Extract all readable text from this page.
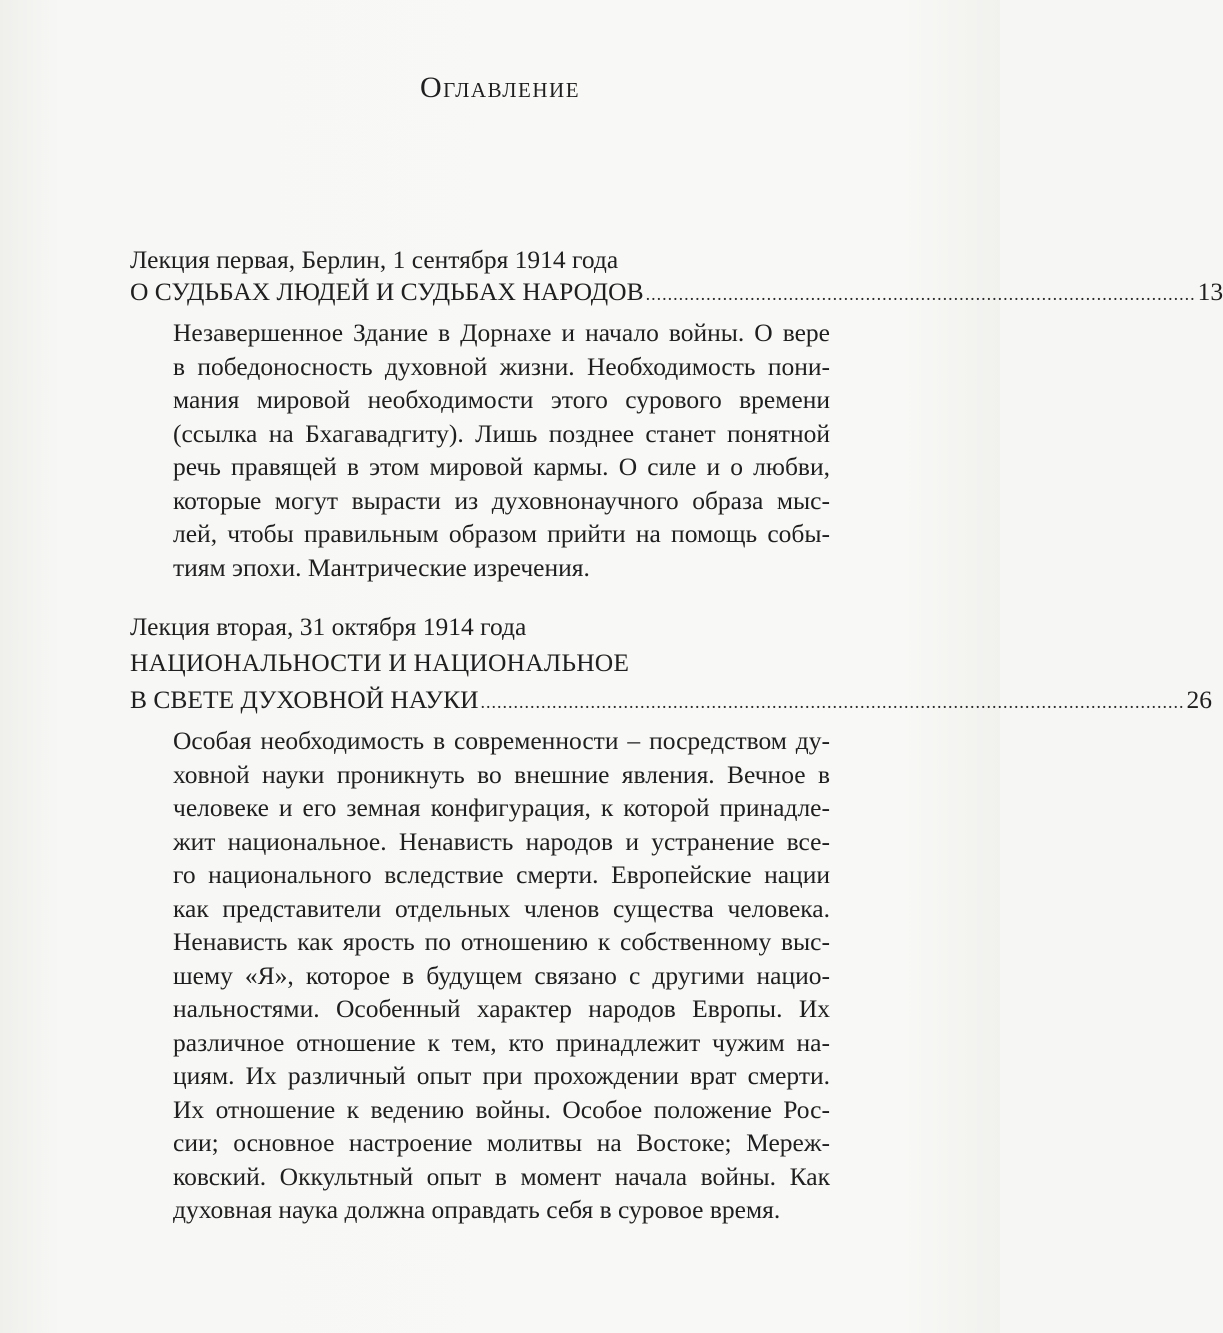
Оглавление
Лекция первая, Берлин, 1 сентября 1914 года
О СУДЬБАХ ЛЮДЕЙ И СУДЬБАХ НАРОДОВ .................................................................................................... 13
Незавершенное Здание в Дорнахе и начало войны. О вере
в победоносность духовной жизни. Необходимость пони-
мания мировой необходимости этого сурового времени
(ссылка на Бхагавадгиту). Лишь позднее станет понятной
речь правящей в этом мировой кармы. О силе и о любви,
которые могут вырасти из духовнонаучного образа мыс-
лей, чтобы правильным образом прийти на помощь собы-
тиям эпохи. Мантрические изречения.
Лекция вторая, 31 октября 1914 года
НАЦИОНАЛЬНОСТИ И НАЦИОНАЛЬНОЕ
В СВЕТЕ ДУХОВНОЙ НАУКИ ................................................................................................................................ 26
Особая необходимость в современности – посредством ду-
ховной науки проникнуть во внешние явления. Вечное в
человеке и его земная конфигурация, к которой принадле-
жит национальное. Ненависть народов и устранение все-
го национального вследствие смерти. Европейские нации
как представители отдельных членов существа человека.
Ненависть как ярость по отношению к собственному выс-
шему «Я», которое в будущем связано с другими нацио-
нальностями. Особенный характер народов Европы. Их
различное отношение к тем, кто принадлежит чужим на-
циям. Их различный опыт при прохождении врат смерти.
Их отношение к ведению войны. Особое положение Рос-
сии; основное настроение молитвы на Востоке; Мереж-
ковский. Оккультный опыт в момент начала войны. Как
духовная наука должна оправдать себя в суровое время.
